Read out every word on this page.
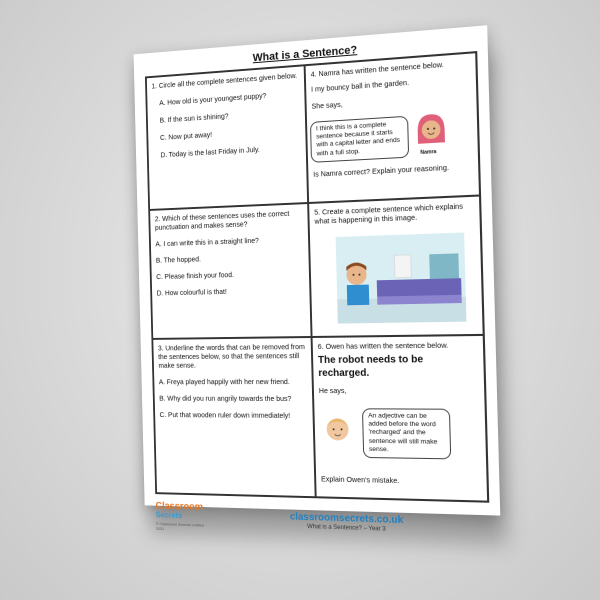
What is a Sentence?
1. Circle all the complete sentences given below.
A. How old is your youngest puppy?
B. If the sun is shining?
C. Now put away!
D. Today is the last Friday in July.
4. Namra has written the sentence below.
I my bouncy ball in the garden.
She says,
I think this is a complete sentence because it starts with a capital letter and ends with a full stop.	Namra
Is Namra correct? Explain your reasoning.
2. Which of these sentences uses the correct punctuation and makes sense?
A. I can write this in a straight line?
B. The hopped.
C. Please finish your food.
D. How colourful is that!
5. Create a complete sentence which explains what is happening in this image.
3. Underline the words that can be removed from the sentences below, so that the sentences still make sense.
A. Freya played happily with her new friend.
B. Why did you run angrily towards the bus?
C. Put that wooden ruler down immediately!
6. Owen has written the sentence below.
The robot needs to be recharged.
He says,
An adjective can be added before the word 'recharged' and the sentence will still make sense.
Explain Owen's mistake.
Classroom
Secrets
© Classroom Secrets Limited 2021
classroomsecrets.co.uk
What is a Sentence? – Year 3
